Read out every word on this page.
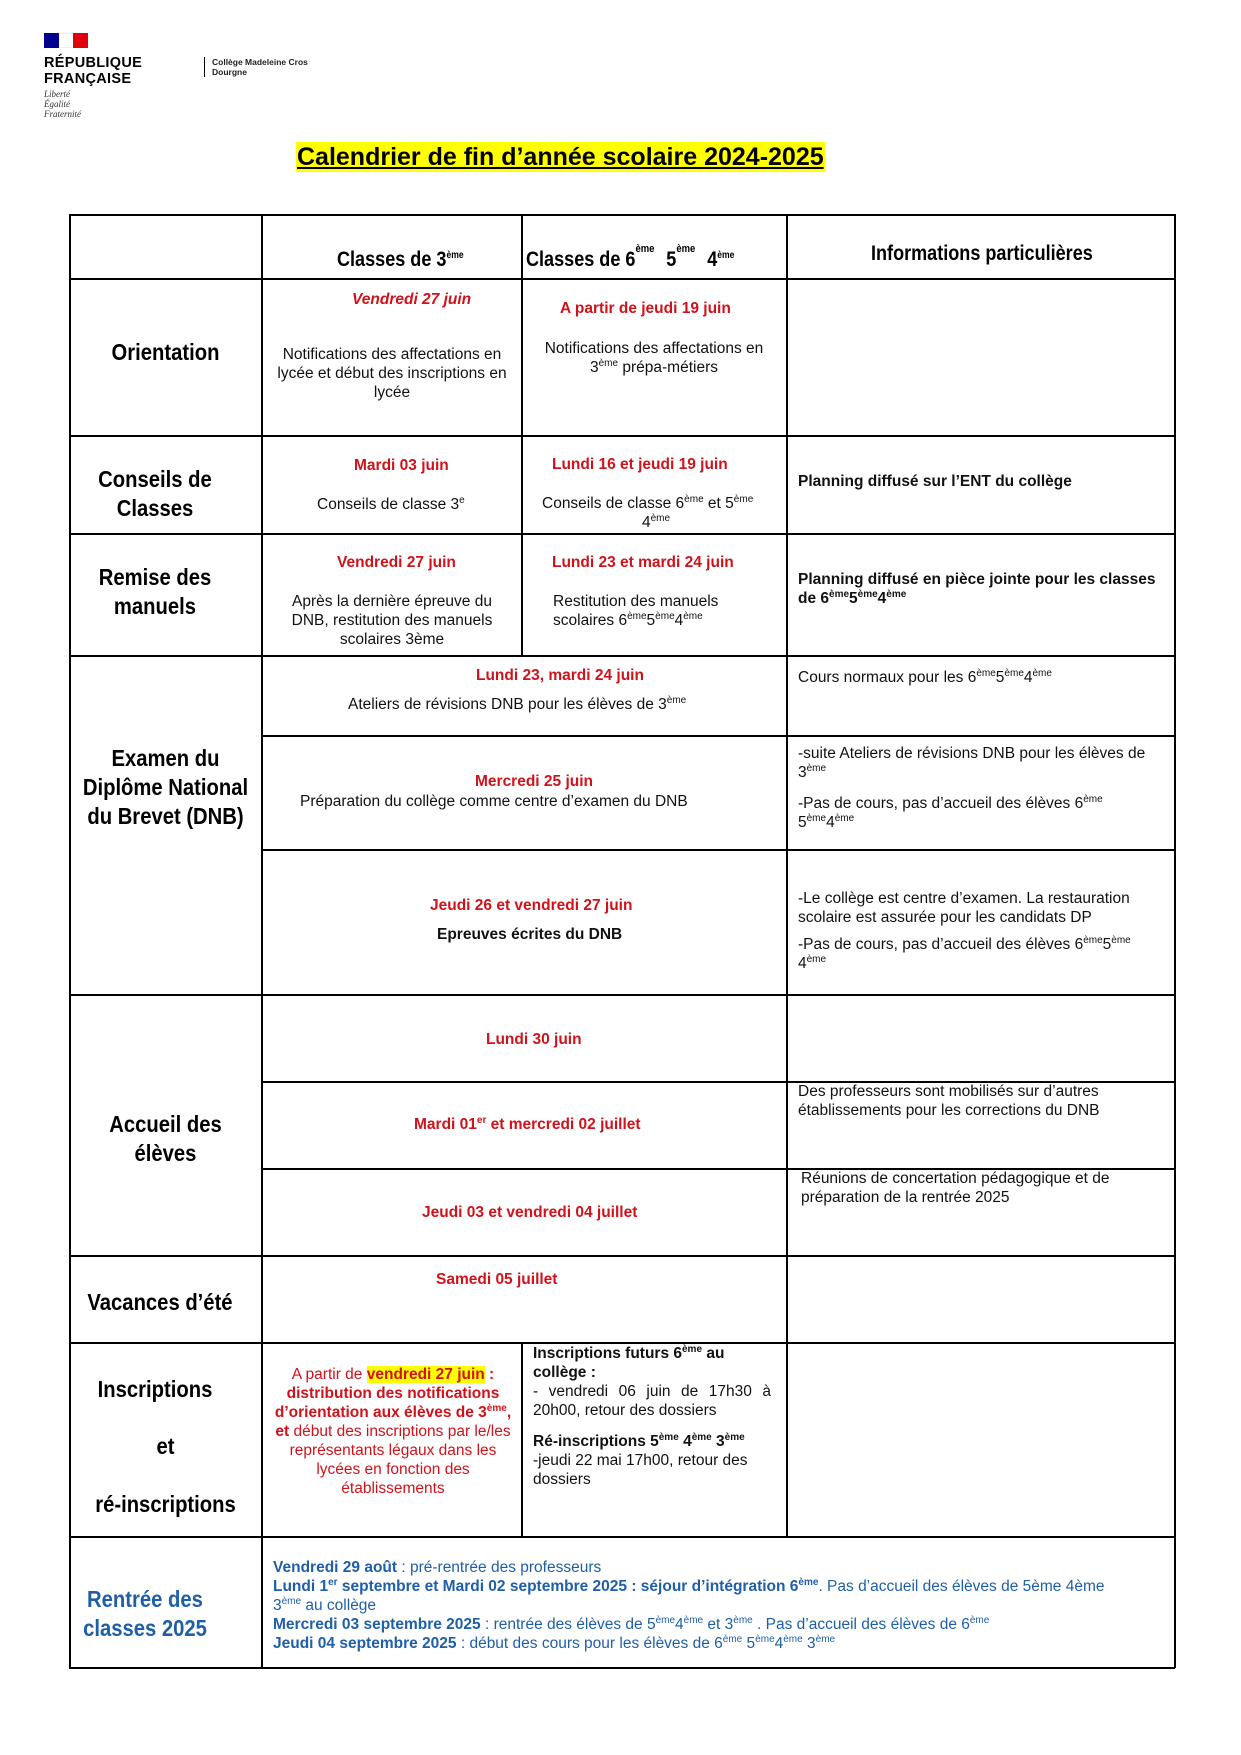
RÉPUBLIQUE
FRANÇAISE
Liberté
Égalité
Fraternité
Collège Madeleine Cros
Dourgne
Calendrier de fin d’année scolaire 2024-2025
Classes de 3ème	Classes de 6ème 5ème 4ème	Informations particulières
Orientation
Vendredi 27 juin
Notifications des affectations en lycée et début des inscriptions en lycée
A partir de jeudi 19 juin
Notifications des affectations en
3ème prépa-métiers
Conseils de Classes
Mardi 03 juin
Conseils de classe 3e
Lundi 16 et jeudi 19 juin
Conseils de classe 6ème et 5ème
4ème
Planning diffusé sur l’ENT du collège
Remise des manuels
Vendredi 27 juin
Après la dernière épreuve du DNB, restitution des manuels scolaires 3ème
Lundi 23 et mardi 24 juin
Restitution des manuels
scolaires 6ème5ème4ème
Planning diffusé en pièce jointe pour les classes de 6ème5ème4ème
Examen du Diplôme National du Brevet (DNB)
Lundi 23, mardi 24 juin
Ateliers de révisions DNB pour les élèves de 3ème
Cours normaux pour les 6ème5ème4ème
Mercredi 25 juin
Préparation du collège comme centre d’examen du DNB
-suite Ateliers de révisions DNB pour les élèves de 3ème
-Pas de cours, pas d’accueil des élèves 6ème
5ème4ème
Jeudi 26 et vendredi 27 juin
Epreuves écrites du DNB
-Le collège est centre d’examen. La restauration scolaire est assurée pour les candidats DP
-Pas de cours, pas d’accueil des élèves 6ème5ème
4ème
Accueil des élèves
Lundi 30 juin
Mardi 01er et mercredi 02 juillet
Des professeurs sont mobilisés sur d’autres établissements pour les corrections du DNB
Jeudi 03 et vendredi 04 juillet
Réunions de concertation pédagogique et de préparation de la rentrée 2025
Vacances d’été
Samedi 05 juillet
Inscriptions
et
ré-inscriptions
A partir de vendredi 27 juin : distribution des notifications d’orientation aux élèves de 3ème, et début des inscriptions par le/les représentants légaux dans les lycées en fonction des établissements
Inscriptions futurs 6ème au collège :
- vendredi 06 juin de 17h30 à 20h00, retour des dossiers
Ré-inscriptions 5ème 4ème 3ème
-jeudi 22 mai 17h00, retour des dossiers
Rentrée des classes 2025
Vendredi 29 août : pré-rentrée des professeurs
Lundi 1er septembre et Mardi 02 septembre 2025 : séjour d’intégration 6ème. Pas d’accueil des élèves de 5ème 4ème
3ème au collège
Mercredi 03 septembre 2025 : rentrée des élèves de 5ème4ème et 3ème . Pas d’accueil des élèves de 6ème
Jeudi 04 septembre 2025 : début des cours pour les élèves de 6ème 5ème4ème 3ème
